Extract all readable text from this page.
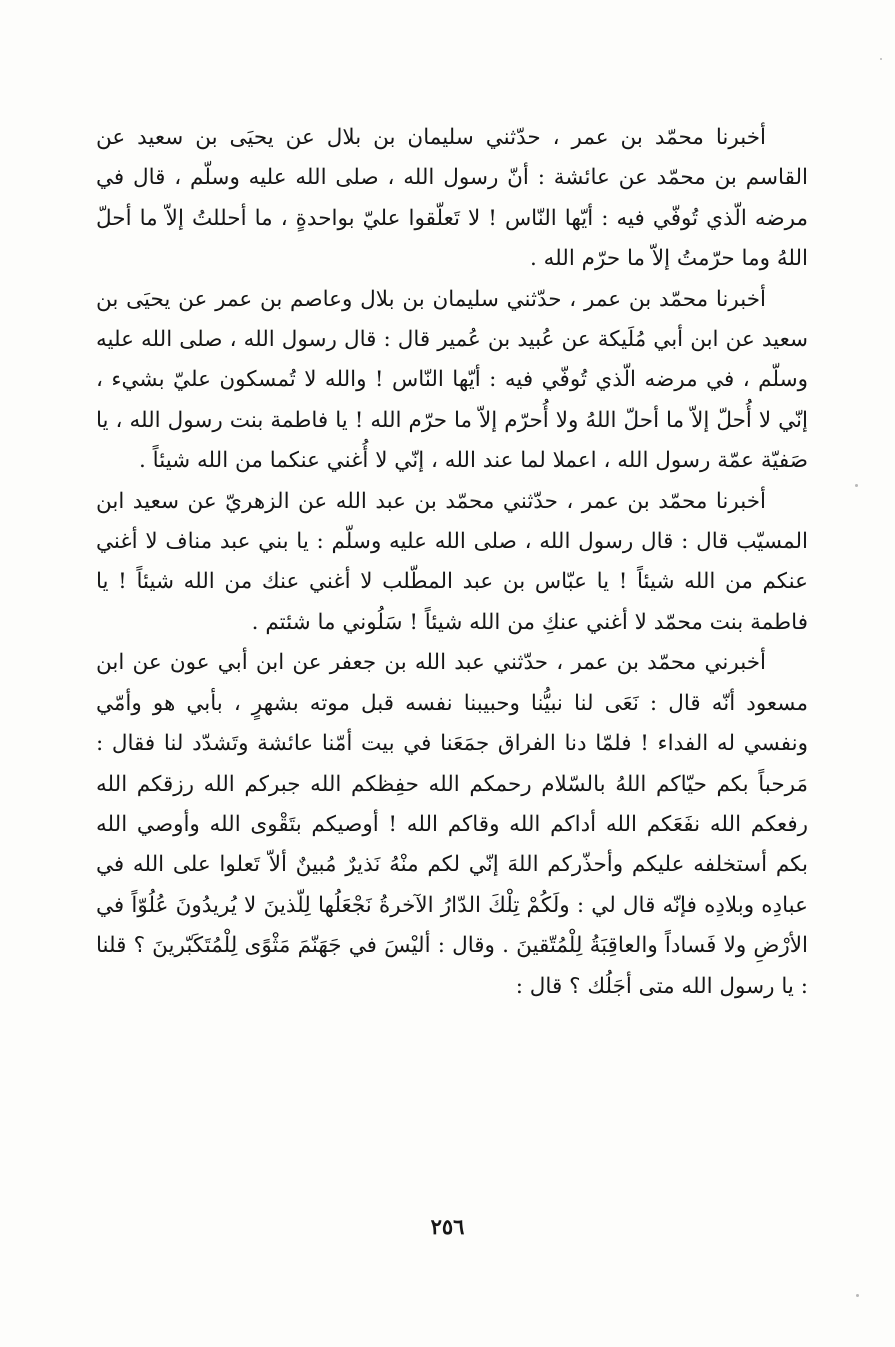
أخبرنا محمّد بن عمر ، حدّثني سليمان بن بلال عن يحيَى بن سعيد عن القاسم بن محمّد عن عائشة : أنّ رسول الله ، صلى الله عليه وسلّم ، قال في مرضه الّذي تُوفّي فيه : أيّها النّاس ! لا تَعلّقوا عليّ بواحدةٍ ، ما أحللتُ إلاّ ما أحلّ اللهُ وما حرّمتُ إلاّ ما حرّم الله .

أخبرنا محمّد بن عمر ، حدّثني سليمان بن بلال وعاصم بن عمر عن يحيَى بن سعيد عن ابن أبي مُلَيكة عن عُبيد بن عُمير قال : قال رسول الله ، صلى الله عليه وسلّم ، في مرضه الّذي تُوفّي فيه : أيّها النّاس ! والله لا تُمسكون عليّ بشيء ، إنّي لا أُحلّ إلاّ ما أحلّ اللهُ ولا أُحرّم إلاّ ما حرّم الله ! يا فاطمة بنت رسول الله ، يا صَفيّة عمّة رسول الله ، اعملا لما عند الله ، إنّي لا أُغني عنكما من الله شيئاً .

أخبرنا محمّد بن عمر ، حدّثني محمّد بن عبد الله عن الزهريّ عن سعيد ابن المسيّب قال : قال رسول الله ، صلى الله عليه وسلّم : يا بني عبد مناف لا أغني عنكم من الله شيئاً ! يا عبّاس بن عبد المطّلب لا أغني عنك من الله شيئاً ! يا فاطمة بنت محمّد لا أغني عنكِ من الله شيئاً ! سَلُوني ما شئتم .

أخبرني محمّد بن عمر ، حدّثني عبد الله بن جعفر عن ابن أبي عون عن ابن مسعود أنّه قال : نَعَى لنا نبيُّنا وحبيبنا نفسه قبل موته بشهرٍ ، بأبي هو وأمّي ونفسي له الفداء ! فلمّا دنا الفراق جمَعَنا في بيت أمّنا عائشة وتَشدّد لنا فقال : مَرحباً بكم حيّاكم اللهُ بالسّلام رحمكم الله حفِظكم الله جبركم الله رزقكم الله رفعكم الله نفَعَكم الله أداكم الله وقاكم الله ! أوصيكم بتَقْوى الله وأوصي الله بكم أستخلفه عليكم وأحذّركم اللهَ إنّي لكم منْهُ نَذيرٌ مُبينٌ ألاّ تَعلوا على الله في عبادِه وبلادِه فإنّه قال لي : ولَكُمْ تِلْكَ الدّارُ الآخرةُ نَجْعَلُها لِلّذينَ لا يُريدُونَ عُلُوّاً في الأرْضِ ولا فَساداً والعاقِبَةُ لِلْمُتّقينَ . وقال : أليْسَ في جَهَنّمَ مَثْوًى لِلْمُتَكَبّرينَ ؟ قلنا : يا رسول الله متى أجَلُك ؟ قال :

٢٥٦
